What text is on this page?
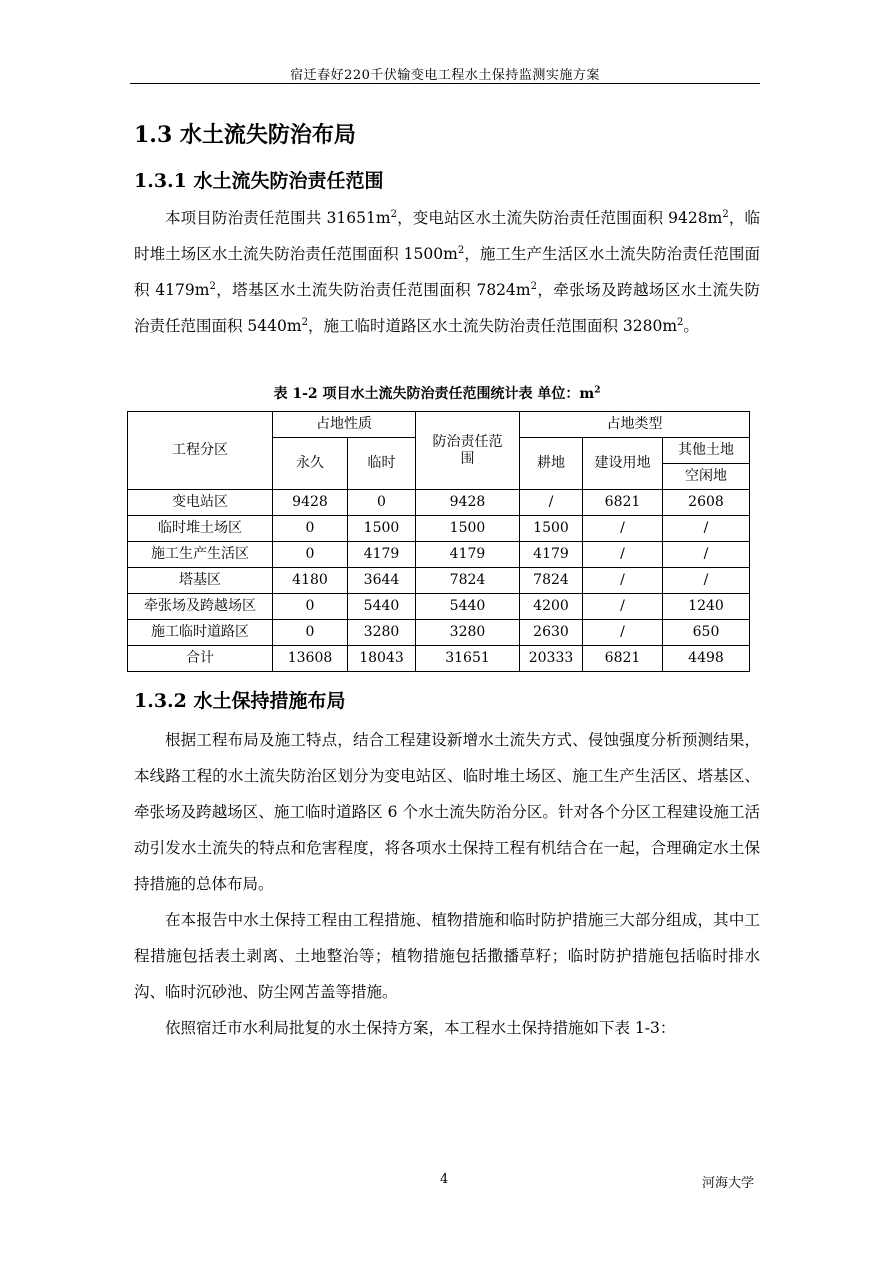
宿迁春好220千伏输变电工程水土保持监测实施方案
1.3 水土流失防治布局
1.3.1 水土流失防治责任范围

本项目防治责任范围共 $31651m^2$，变电站区水土流失防治责任范围面积 $9428m^2$，临时堆土场区水土流失防治责任范围面积 $1500m^2$，施工生产生活区水土流失防治责任范围面积 $4179m^2$，塔基区水土流失防治责任范围面积 $7824m^2$，牵张场及跨越场区水土流失防治责任范围面积 $5440m^2$，施工临时道路区水土流失防治责任范围面积 $3280m^2$。

表 1-2 项目水土流失防治责任范围统计表 单位：$m^2$
工程分区	占地性质		防治责任范围	占地类型		
	永久	临时		耕地	建设用地	其他土地
						空闲地
变电站区	9428	0	9428	/	6821	2608
临时堆土场区	0	1500	1500	1500	/	/
施工生产生活区	0	4179	4179	4179	/	/
塔基区	4180	3644	7824	7824	/	/
牵张场及跨越场区	0	5440	5440	4200	/	1240
施工临时道路区	0	3280	3280	2630	/	650
合计	13608	18043	31651	20333	6821	4498
1.3.2 水土保持措施布局

根据工程布局及施工特点，结合工程建设新增水土流失方式、侵蚀强度分析预测结果，本线路工程的水土流失防治区划分为变电站区、临时堆土场区、施工生产生活区、塔基区、牵张场及跨越场区、施工临时道路区 6 个水土流失防治分区。针对各个分区工程建设施工活动引发水土流失的特点和危害程度，将各项水土保持工程有机结合在一起，合理确定水土保持措施的总体布局。

在本报告中水土保持工程由工程措施、植物措施和临时防护措施三大部分组成，其中工程措施包括表土剥离、土地整治等；植物措施包括撒播草籽；临时防护措施包括临时排水沟、临时沉砂池、防尘网苫盖等措施。

依照宿迁市水利局批复的水土保持方案，本工程水土保持措施如下表 1-3：

4	河海大学
